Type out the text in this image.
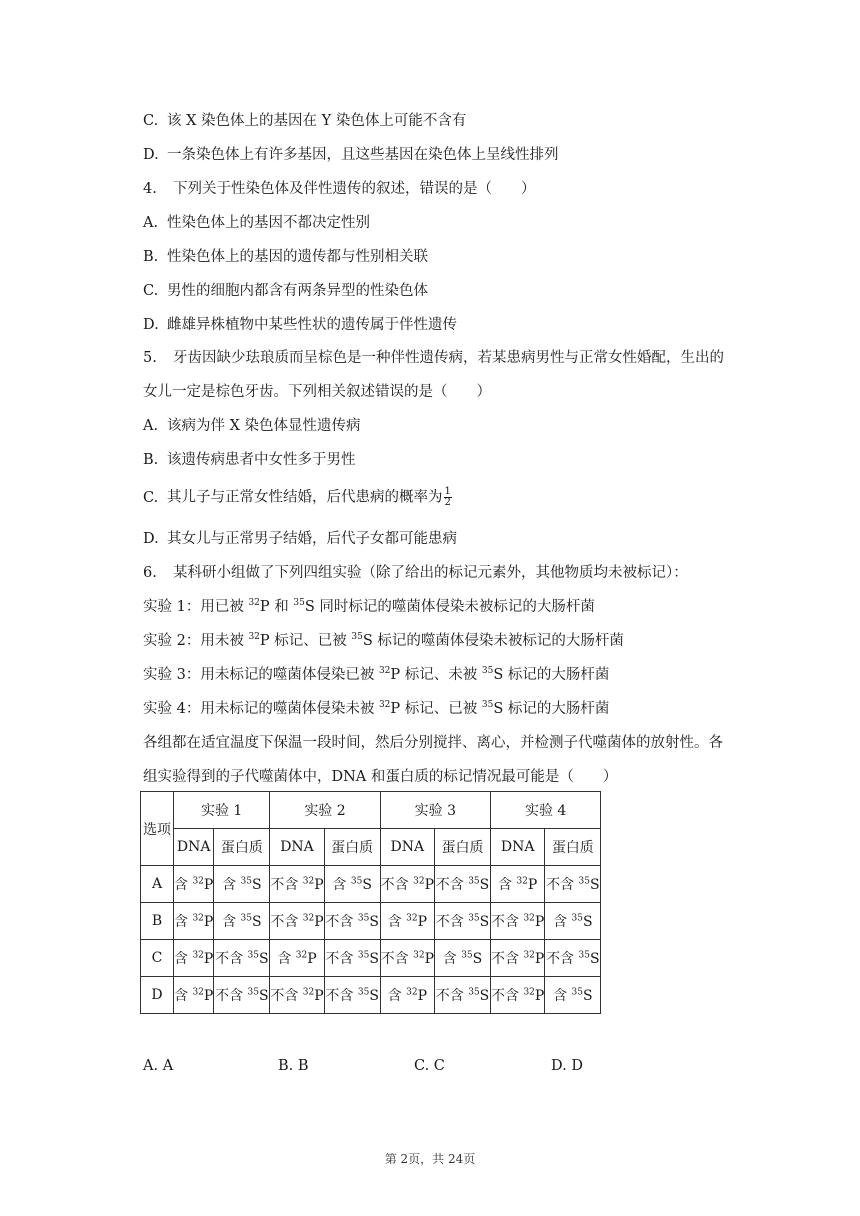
C. 该 X 染色体上的基因在 Y 染色体上可能不含有
D. 一条染色体上有许多基因，且这些基因在染色体上呈线性排列
4. 下列关于性染色体及伴性遗传的叙述，错误的是（　　）
A. 性染色体上的基因不都决定性别
B. 性染色体上的基因的遗传都与性别相关联
C. 男性的细胞内都含有两条异型的性染色体
D. 雌雄异株植物中某些性状的遗传属于伴性遗传
5. 牙齿因缺少珐琅质而呈棕色是一种伴性遗传病，若某患病男性与正常女性婚配，生出的
女儿一定是棕色牙齿。下列相关叙述错误的是（　　）
A. 该病为伴 X 染色体显性遗传病
B. 该遗传病患者中女性多于男性
C. 其儿子与正常女性结婚，后代患病的概率为 $\frac{1}{2}$
D. 其女儿与正常男子结婚，后代子女都可能患病
6. 某科研小组做了下列四组实验（除了给出的标记元素外，其他物质均未被标记）：
实验 1：用已被 $^{32}$P 和 $^{35}$S 同时标记的噬菌体侵染未被标记的大肠杆菌
实验 2：用未被 $^{32}$P 标记、已被 $^{35}$S 标记的噬菌体侵染未被标记的大肠杆菌
实验 3：用未标记的噬菌体侵染已被 $^{32}$P 标记、未被 $^{35}$S 标记的大肠杆菌
实验 4：用未标记的噬菌体侵染未被 $^{32}$P 标记、已被 $^{35}$S 标记的大肠杆菌
各组都在适宜温度下保温一段时间，然后分别搅拌、离心，并检测子代噬菌体的放射性。各
组实验得到的子代噬菌体中，DNA 和蛋白质的标记情况最可能是（　　）
选项	实验 1		实验 2		实验 3		实验 4	
	DNA	蛋白质	DNA	蛋白质	DNA	蛋白质	DNA	蛋白质
A	含 $^{32}$P	含 $^{35}$S	不含 $^{32}$P	含 $^{35}$S	不含 $^{32}$P	不含 $^{35}$S	含 $^{32}$P	不含 $^{35}$S
B	含 $^{32}$P	含 $^{35}$S	不含 $^{32}$P	不含 $^{35}$S	含 $^{32}$P	不含 $^{35}$S	不含 $^{32}$P	含 $^{35}$S
C	含 $^{32}$P	不含 $^{35}$S	含 $^{32}$P	不含 $^{35}$S	不含 $^{32}$P	含 $^{35}$S	不含 $^{32}$P	不含 $^{35}$S
D	含 $^{32}$P	不含 $^{35}$S	不含 $^{32}$P	不含 $^{35}$S	含 $^{32}$P	不含 $^{35}$S	不含 $^{32}$P	含 $^{35}$S
A. A	B. B	C. C	D. D
第 2页，共 24页
